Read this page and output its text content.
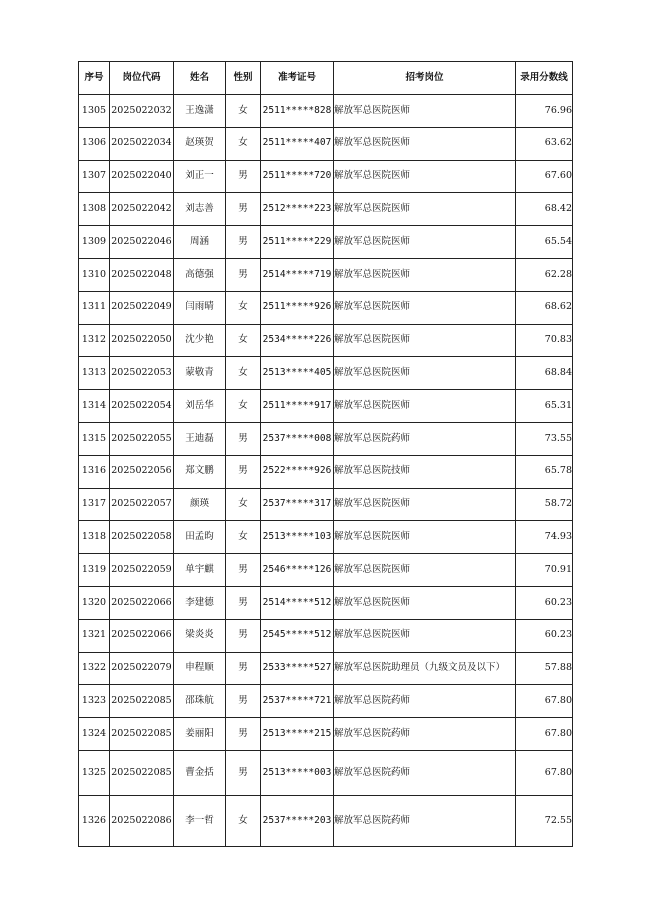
序号	岗位代码	姓名	性别	准考证号	招考岗位	录用分数线
1305	2025022032	王逸潇	女	2511*****828	解放军总医院医师	76.96
1306	2025022034	赵瑛贺	女	2511*****407	解放军总医院医师	63.62
1307	2025022040	刘正一	男	2511*****720	解放军总医院医师	67.60
1308	2025022042	刘志善	男	2512*****223	解放军总医院医师	68.42
1309	2025022046	周涵	男	2511*****229	解放军总医院医师	65.54
1310	2025022048	高德强	男	2514*****719	解放军总医院医师	62.28
1311	2025022049	闫雨晴	女	2511*****926	解放军总医院医师	68.62
1312	2025022050	沈少艳	女	2534*****226	解放军总医院医师	70.83
1313	2025022053	蒙敬青	女	2513*****405	解放军总医院医师	68.84
1314	2025022054	刘岳华	女	2511*****917	解放军总医院医师	65.31
1315	2025022055	王迪磊	男	2537*****008	解放军总医院药师	73.55
1316	2025022056	郑文鹏	男	2522*****926	解放军总医院技师	65.78
1317	2025022057	颜瑛	女	2537*****317	解放军总医院医师	58.72
1318	2025022058	田孟昀	女	2513*****103	解放军总医院医师	74.93
1319	2025022059	单宇麒	男	2546*****126	解放军总医院医师	70.91
1320	2025022066	李建德	男	2514*****512	解放军总医院医师	60.23
1321	2025022066	梁炎炎	男	2545*****512	解放军总医院医师	60.23
1322	2025022079	申程顺	男	2533*****527	解放军总医院助理员（九级文员及以下）	57.88
1323	2025022085	邵珠航	男	2537*****721	解放军总医院药师	67.80
1324	2025022085	姜丽阳	男	2513*****215	解放军总医院药师	67.80
1325	2025022085	曹金括	男	2513*****003	解放军总医院药师	67.80
1326	2025022086	李一哲	女	2537*****203	解放军总医院药师	72.55
